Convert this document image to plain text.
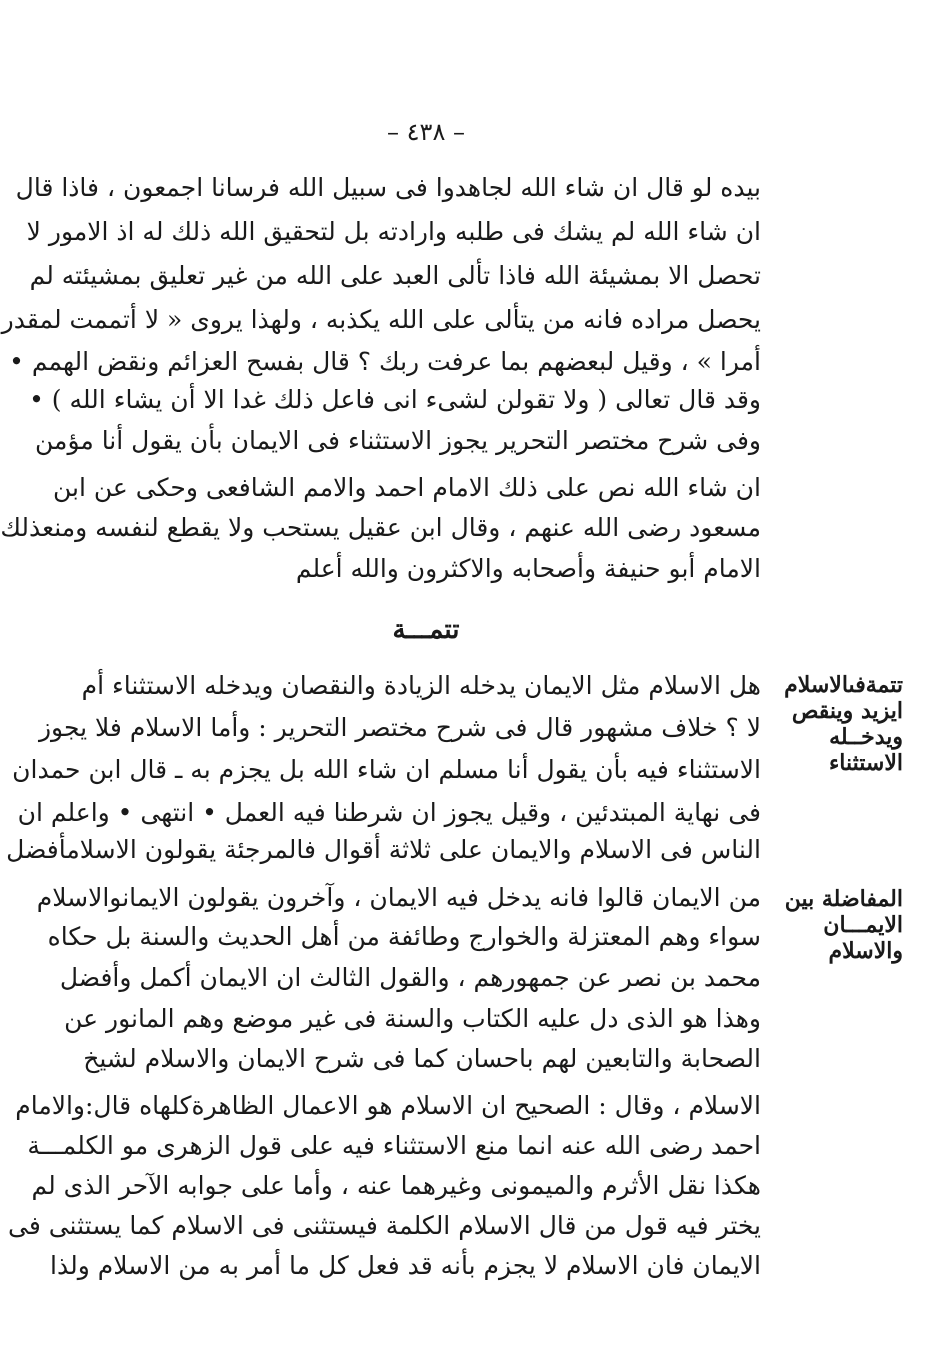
– ٤٣٨ –
بيده لو قال ان شاء الله لجاهدوا فى سبيل الله فرسانا اجمعون ، فاذا قال
ان شاء الله لم يشك فى طلبه وارادته بل لتحقيق الله ذلك له اذ الامور لا
تحصل الا بمشيئة الله فاذا تألى العبد على الله من غير تعليق بمشيئته لم
يحصل مراده فانه من يتألى على الله يكذبه ، ولهذا يروى « لا أتممت لمقدر
أمرا » ، وقيل لبعضهم بما عرفت ربك ؟ قال بفسح العزائم ونقض الهمم •
وقد قال تعالى ( ولا تقولن لشىء انى فاعل ذلك غدا الا أن يشاء الله ) •
وفى شرح مختصر التحرير يجوز الاستثناء فى الايمان بأن يقول أنا مؤمن
ان شاء الله نص على ذلك الامام احمد والامم الشافعى وحكى عن ابن
مسعود رضى الله عنهم ، وقال ابن عقيل يستحب ولا يقطع لنفسه ومنعذلك
الامام أبو حنيفة وأصحابه والاكثرون والله أعلم
تتمـــة
تتمةفىالاسلام
ايزيد وينقص
ويدخــله
الاستثناء
المفاضلة بين
الايمـــان
والاسلام
هل الاسلام مثل الايمان يدخله الزيادة والنقصان ويدخله الاستثناء أم
لا ؟ خلاف مشهور قال فى شرح مختصر التحرير : وأما الاسلام فلا يجوز
الاستثناء فيه بأن يقول أنا مسلم ان شاء الله بل يجزم به ـ قال ابن حمدان
فى نهاية المبتدئين ، وقيل يجوز ان شرطنا فيه العمل • انتهى • واعلم ان
الناس فى الاسلام والايمان على ثلاثة أقوال فالمرجئة يقولون الاسلامأفضل
من الايمان قالوا فانه يدخل فيه الايمان ، وآخرون يقولون الايمانوالاسلام
سواء وهم المعتزلة والخوارج وطائفة من أهل الحديث والسنة بل حكاه
محمد بن نصر عن جمهورهم ، والقول الثالث ان الايمان أكمل وأفضل
وهذا هو الذى دل عليه الكتاب والسنة فى غير موضع وهم المانور عن
الصحابة والتابعين لهم باحسان كما فى شرح الايمان والاسلام لشيخ
الاسلام ، وقال : الصحيح ان الاسلام هو الاعمال الظاهرةكلهاه قال:والامام
احمد رضى الله عنه انما منع الاستثناء فيه على قول الزهرى مو الكلمـــة
هكذا نقل الأثرم والميمونى وغيرهما عنه ، وأما على جوابه الآحر الذى لم
يختر فيه قول من قال الاسلام الكلمة فيستثنى فى الاسلام كما يستثنى فى
الايمان فان الاسلام لا يجزم بأنه قد فعل كل ما أمر به من الاسلام ولذا
